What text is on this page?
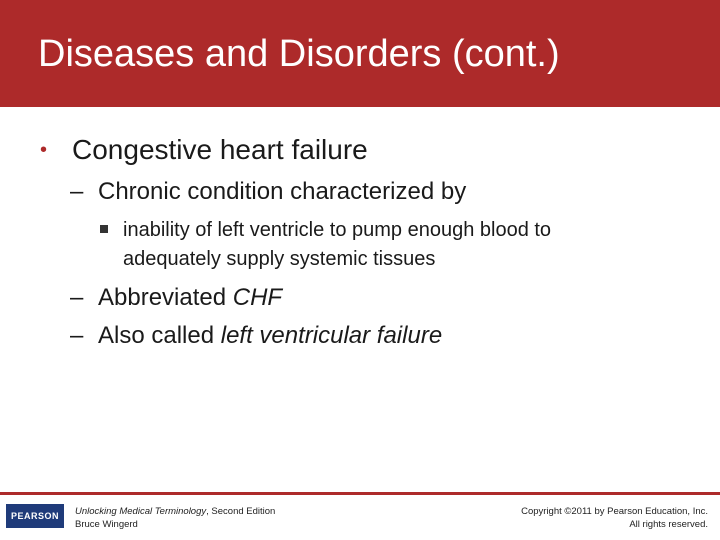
Diseases and Disorders (cont.)
• Congestive heart failure
– Chronic condition characterized by
inability of left ventricle to pump enough blood to
adequately supply systemic tissues
– Abbreviated CHF
– Also called left ventricular failure
PEARSON Unlocking Medical Terminology, Second Edition
Bruce Wingerd
Copyright ©2011 by Pearson Education, Inc.
All rights reserved.
